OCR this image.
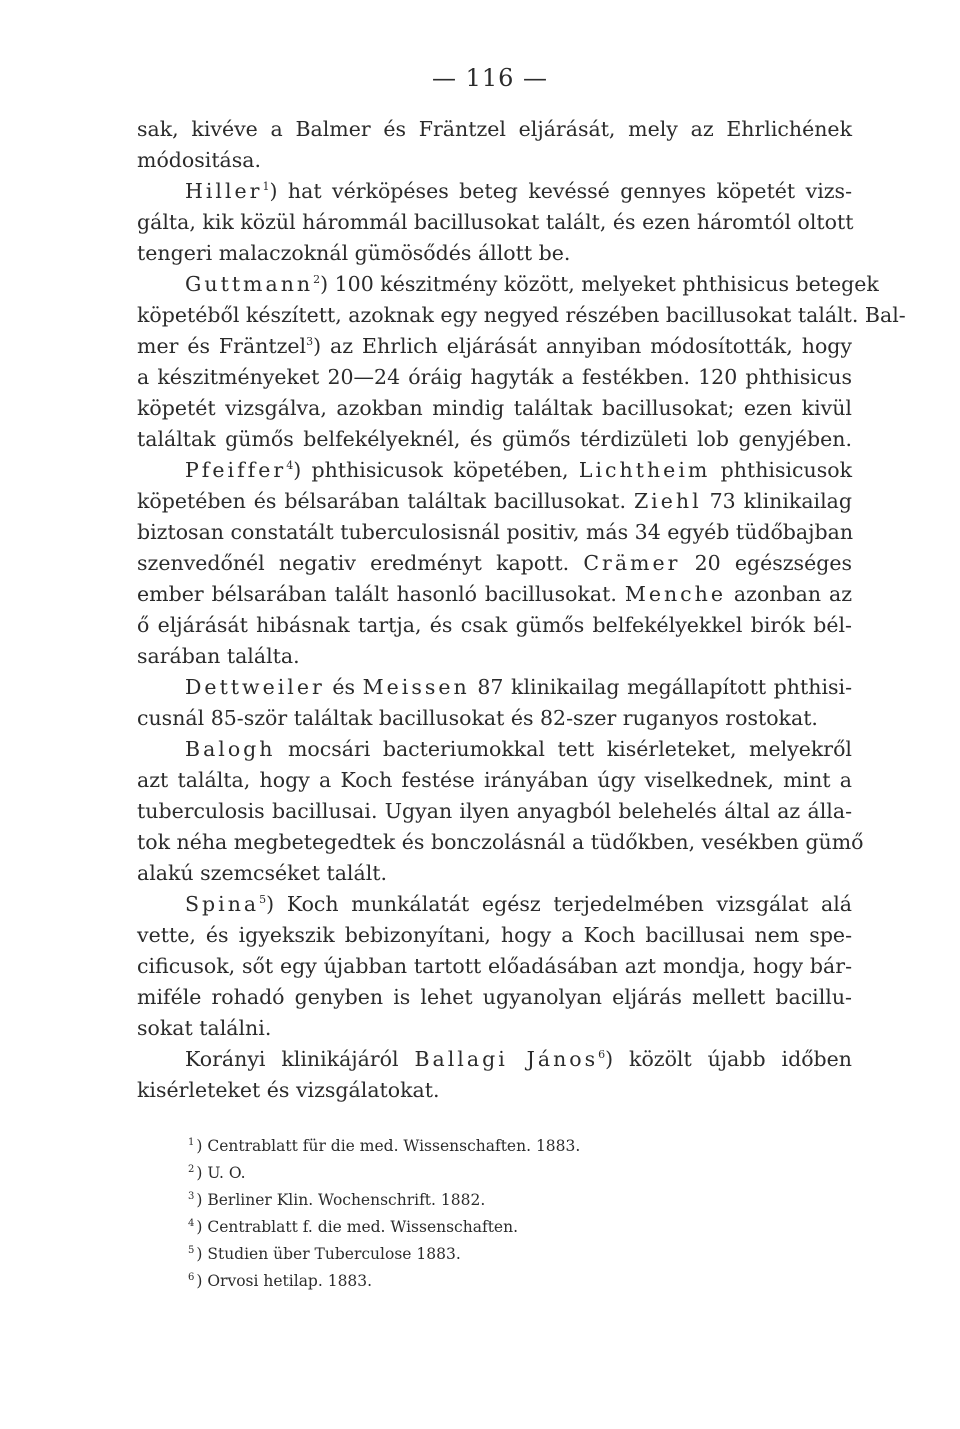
— 116 —
sak, kivéve a Balmer és Fräntzel eljárását, mely az Ehrlichének
módositása.
Hiller$^1$) hat vérköpéses beteg kevéssé gennyes köpetét vizs-
gálta, kik közül hárommál bacillusokat talált, és ezen háromtól oltott
tengeri malaczoknál gümösődés állott be.
Guttmann$^2$) 100 készitmény között, melyeket phthisicus betegek
köpetéből készített, azoknak egy negyed részében bacillusokat talált. Bal-
mer és Fräntzel$^3$) az Ehrlich eljárását annyiban módosították, hogy
a készitményeket 20—24 óráig hagyták a festékben. 120 phthisicus
köpetét vizsgálva, azokban mindig találtak bacillusokat; ezen kivül
találtak gümős belfekélyeknél, és gümős térdizületi lob genyjében.
Pfeiffer$^4$) phthisicusok köpetében, Lichtheim phthisicusok
köpetében és bélsarában találtak bacillusokat. Ziehl 73 klinikailag
biztosan constatált tuberculosisnál positiv, más 34 egyéb tüdőbajban
szenvedőnél negativ eredményt kapott. Crämer 20 egészséges
ember bélsarában talált hasonló bacillusokat. Menche azonban az
ő eljárását hibásnak tartja, és csak gümős belfekélyekkel birók bél-
sarában találta.
Dettweiler és Meissen 87 klinikailag megállapított phthisi-
cusnál 85-ször találtak bacillusokat és 82-szer ruganyos rostokat.
Balogh mocsári bacteriumokkal tett kisérleteket, melyekről
azt találta, hogy a Koch festése irányában úgy viselkednek, mint a
tuberculosis bacillusai. Ugyan ilyen anyagból belehelés által az álla-
tok néha megbetegedtek és bonczolásnál a tüdőkben, vesékben gümő
alakú szemcséket talált.
Spina$^5$) Koch munkálatát egész terjedelmében vizsgálat alá
vette, és igyekszik bebizonyítani, hogy a Koch bacillusai nem spe-
cificusok, sőt egy újabban tartott előadásában azt mondja, hogy bár-
miféle rohadó genyben is lehet ugyanolyan eljárás mellett bacillu-
sokat találni.
Korányi klinikájáról Ballagi János$^6$) közölt újabb időben
kisérleteket és vizsgálatokat.
$^1$ ) Centrablatt für die med. Wissenschaften. 1883.
$^2$ ) U. O.
$^3$ ) Berliner Klin. Wochenschrift. 1882.
$^4$ ) Centrablatt f. die med. Wissenschaften.
$^5$ ) Studien über Tuberculose 1883.
$^6$ ) Orvosi hetilap. 1883.
